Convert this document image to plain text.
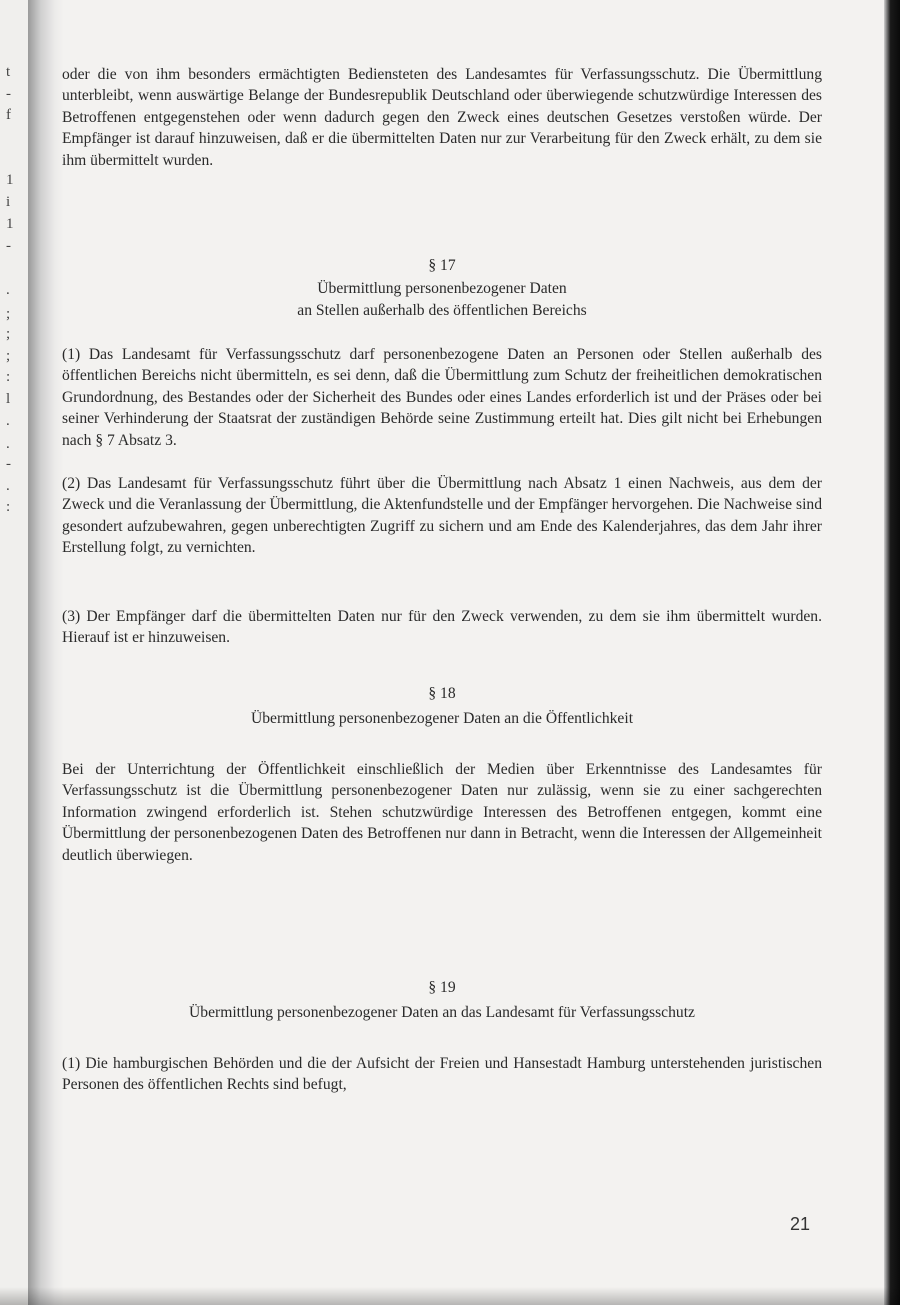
t
-
f
1
i
1
-
.
;
;
;
:
l
.
.
-
.
:

oder die von ihm besonders ermächtigten Bediensteten des Landesamtes für Verfassungsschutz. Die Übermittlung unterbleibt, wenn auswärtige Belange der Bundesrepublik Deutschland oder überwiegende schutzwürdige Interessen des Betroffenen entgegenstehen oder wenn dadurch gegen den Zweck eines deutschen Gesetzes verstoßen würde. Der Empfänger ist darauf hinzuweisen, daß er die übermittelten Daten nur zur Verarbeitung für den Zweck erhält, zu dem sie ihm übermittelt wurden.

§ 17
Übermittlung personenbezogener Daten
an Stellen außerhalb des öffentlichen Bereichs

(1) Das Landesamt für Verfassungsschutz darf personenbezogene Daten an Personen oder Stellen außerhalb des öffentlichen Bereichs nicht übermitteln, es sei denn, daß die Übermittlung zum Schutz der freiheitlichen demokratischen Grundordnung, des Bestandes oder der Sicherheit des Bundes oder eines Landes erforderlich ist und der Präses oder bei seiner Verhinderung der Staatsrat der zuständigen Behörde seine Zustimmung erteilt hat. Dies gilt nicht bei Erhebungen nach § 7 Absatz 3.

(2) Das Landesamt für Verfassungsschutz führt über die Übermittlung nach Absatz 1 einen Nachweis, aus dem der Zweck und die Veranlassung der Übermittlung, die Aktenfundstelle und der Empfänger hervorgehen. Die Nachweise sind gesondert aufzubewahren, gegen unberechtigten Zugriff zu sichern und am Ende des Kalenderjahres, das dem Jahr ihrer Erstellung folgt, zu vernichten.

(3) Der Empfänger darf die übermittelten Daten nur für den Zweck verwenden, zu dem sie ihm übermittelt wurden. Hierauf ist er hinzuweisen.

§ 18
Übermittlung personenbezogener Daten an die Öffentlichkeit

Bei der Unterrichtung der Öffentlichkeit einschließlich der Medien über Erkenntnisse des Landesamtes für Verfassungsschutz ist die Übermittlung personenbezogener Daten nur zulässig, wenn sie zu einer sachgerechten Information zwingend erforderlich ist. Stehen schutzwürdige Interessen des Betroffenen entgegen, kommt eine Übermittlung der personenbezogenen Daten des Betroffenen nur dann in Betracht, wenn die Interessen der Allgemeinheit deutlich überwiegen.

§ 19
Übermittlung personenbezogener Daten an das Landesamt für Verfassungsschutz

(1) Die hamburgischen Behörden und die der Aufsicht der Freien und Hansestadt Hamburg unterstehenden juristischen Personen des öffentlichen Rechts sind befugt,

21
